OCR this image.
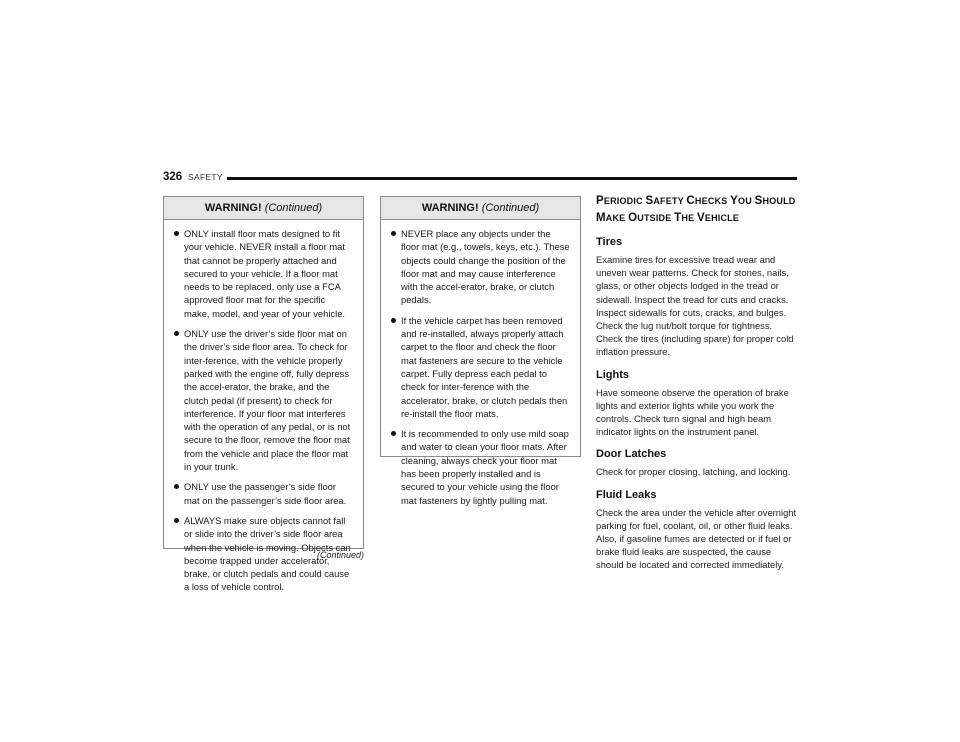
326 SAFETY
WARNING! (Continued)
ONLY install floor mats designed to fit your vehicle. NEVER install a floor mat that cannot be properly attached and secured to your vehicle. If a floor mat needs to be replaced, only use a FCA approved floor mat for the specific make, model, and year of your vehicle.
ONLY use the driver’s side floor mat on the driver’s side floor area. To check for inter-ference, with the vehicle properly parked with the engine off, fully depress the accel-erator, the brake, and the clutch pedal (if present) to check for interference. If your floor mat interferes with the operation of any pedal, or is not secure to the floor, remove the floor mat from the vehicle and place the floor mat in your trunk.
ONLY use the passenger’s side floor mat on the passenger’s side floor area.
ALWAYS make sure objects cannot fall or slide into the driver’s side floor area when the vehicle is moving. Objects can become trapped under accelerator, brake, or clutch pedals and could cause a loss of vehicle control.
(Continued)
WARNING! (Continued)
NEVER place any objects under the floor mat (e.g., towels, keys, etc.). These objects could change the position of the floor mat and may cause interference with the accel-erator, brake, or clutch pedals.
If the vehicle carpet has been removed and re-installed, always properly attach carpet to the floor and check the floor mat fasteners are secure to the vehicle carpet. Fully depress each pedal to check for inter-ference with the accelerator, brake, or clutch pedals then re-install the floor mats.
It is recommended to only use mild soap and water to clean your floor mats. After cleaning, always check your floor mat has been properly installed and is secured to your vehicle using the floor mat fasteners by lightly pulling mat.
PERIODIC SAFETY CHECKS YOU SHOULD
MAKE OUTSIDE THE VEHICLE
Tires

Examine tires for excessive tread wear and uneven wear patterns. Check for stones, nails, glass, or other objects lodged in the tread or sidewall. Inspect the tread for cuts and cracks. Inspect sidewalls for cuts, cracks, and bulges. Check the lug nut/bolt torque for tightness. Check the tires (including spare) for proper cold inflation pressure.

Lights

Have someone observe the operation of brake lights and exterior lights while you work the controls. Check turn signal and high beam indicator lights on the instrument panel.

Door Latches

Check for proper closing, latching, and locking.

Fluid Leaks

Check the area under the vehicle after overnight parking for fuel, coolant, oil, or other fluid leaks. Also, if gasoline fumes are detected or if fuel or brake fluid leaks are suspected, the cause should be located and corrected immediately.
